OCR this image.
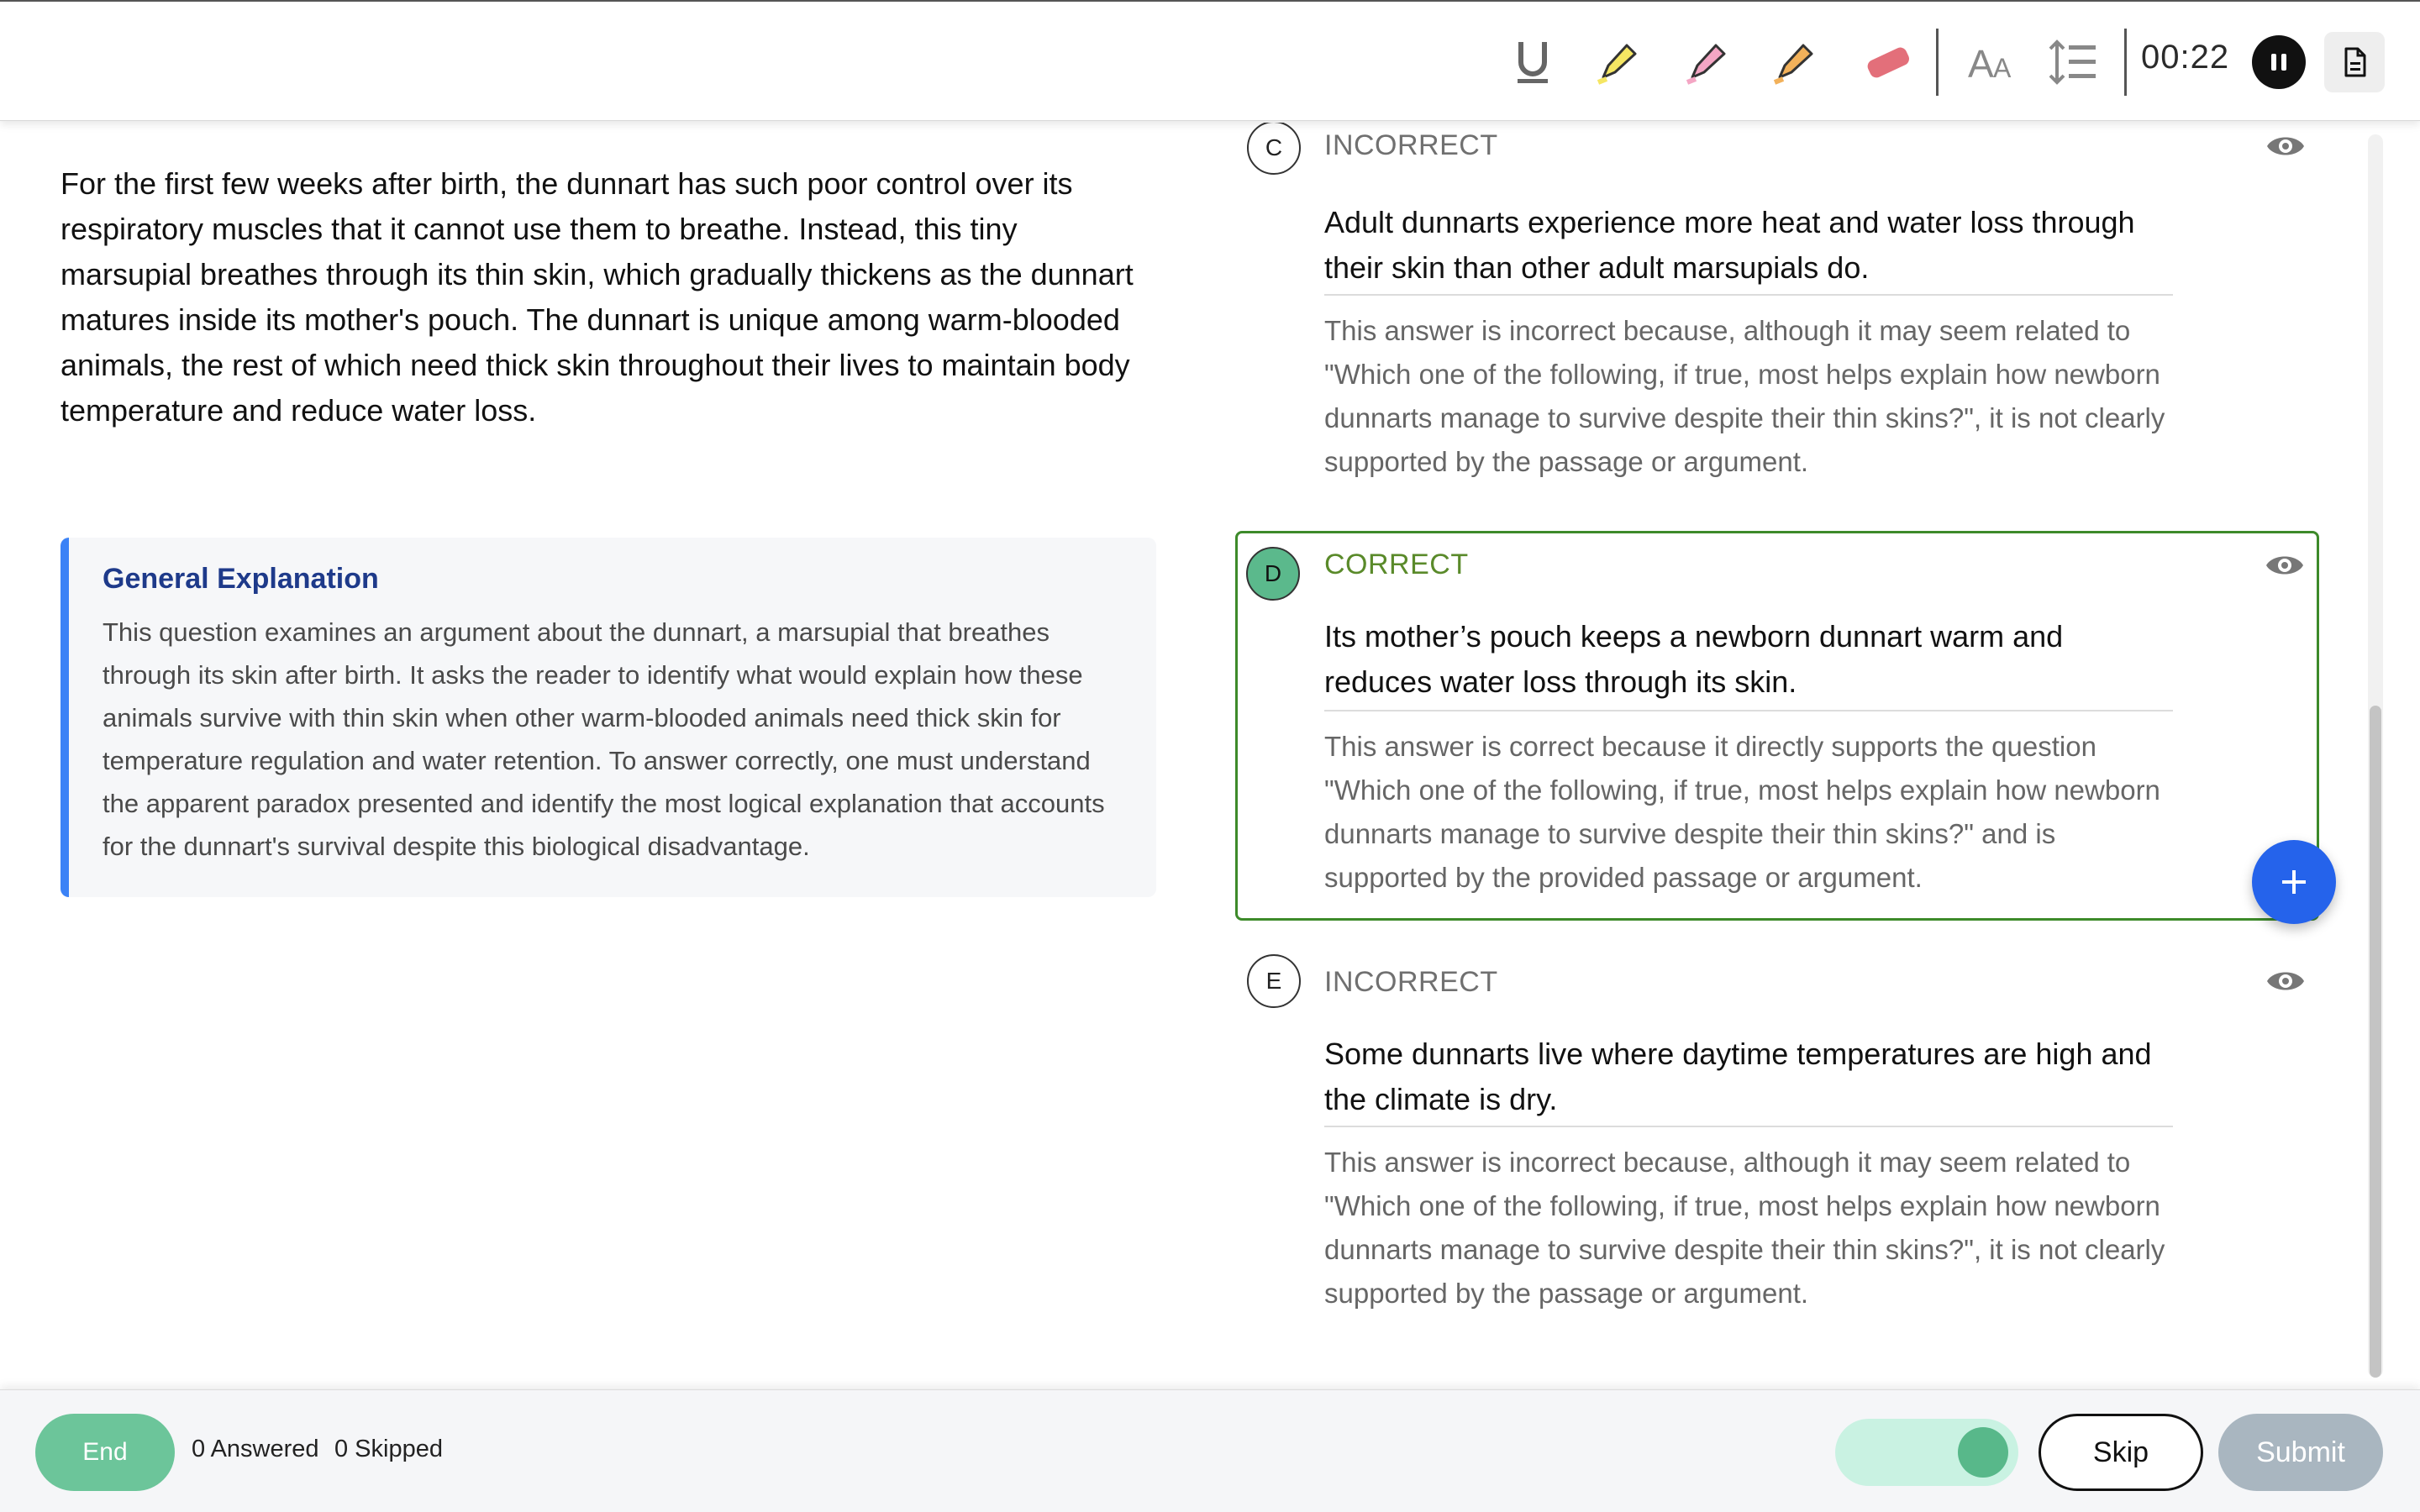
A A	00:22
For the first few weeks after birth, the dunnart has such poor control over its respiratory muscles that it cannot use them to breathe. Instead, this tiny marsupial breathes through its thin skin, which gradually thickens as the dunnart matures inside its mother's pouch. The dunnart is unique among warm-blooded animals, the rest of which need thick skin throughout their lives to maintain body temperature and reduce water loss.
General Explanation
This question examines an argument about the dunnart, a marsupial that breathes through its skin after birth. It asks the reader to identify what would explain how these animals survive with thin skin when other warm-blooded animals need thick skin for temperature regulation and water retention. To answer correctly, one must understand the apparent paradox presented and identify the most logical explanation that accounts for the dunnart's survival despite this biological disadvantage.
C	INCORRECT
Adult dunnarts experience more heat and water loss through their skin than other adult marsupials do.
This answer is incorrect because, although it may seem related to "Which one of the following, if true, most helps explain how newborn dunnarts manage to survive despite their thin skins?", it is not clearly supported by the passage or argument.
D	CORRECT
Its mother’s pouch keeps a newborn dunnart warm and reduces water loss through its skin.
This answer is correct because it directly supports the question "Which one of the following, if true, most helps explain how newborn dunnarts manage to survive despite their thin skins?" and is supported by the provided passage or argument.
E	INCORRECT
Some dunnarts live where daytime temperatures are high and the climate is dry.
This answer is incorrect because, although it may seem related to "Which one of the following, if true, most helps explain how newborn dunnarts manage to survive despite their thin skins?", it is not clearly supported by the passage or argument.
End	0 Answered 0 Skipped	Skip	Submit
